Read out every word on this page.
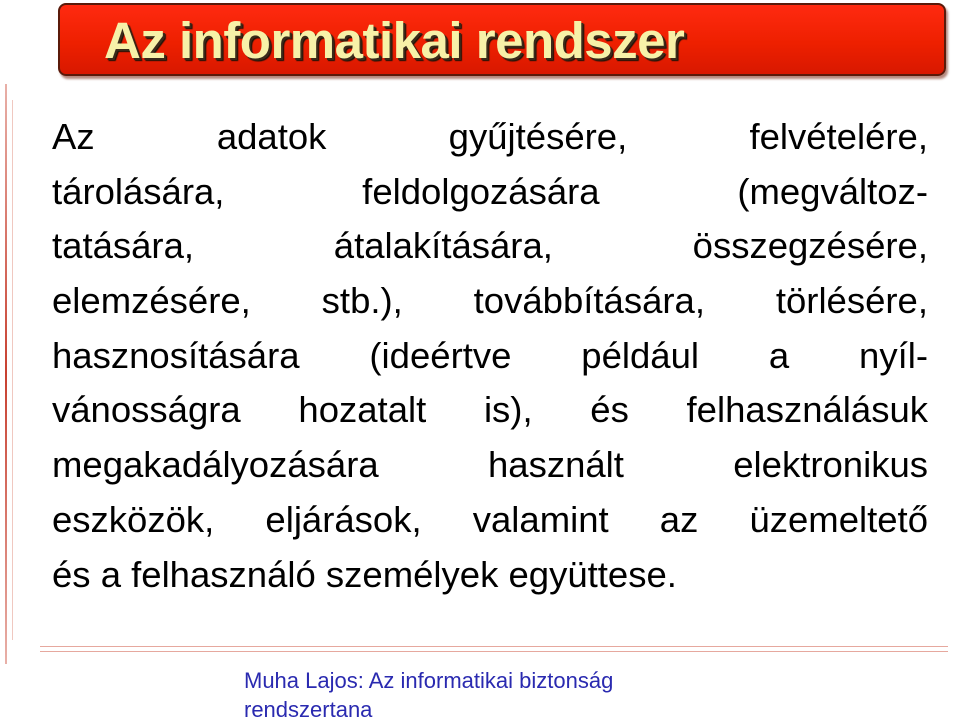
Az informatikai rendszer
Az adatok gyűjtésére, felvételére,
tárolására, feldolgozására (megváltoz-
tatására, átalakítására, összegzésére,
elemzésére, stb.), továbbítására, törlésére,
hasznosítására (ideértve például a nyíl-
vánosságra hozatalt is), és felhasználásuk
megakadályozására használt elektronikus
eszközök, eljárások, valamint az üzemeltető
és a felhasználó személyek együttese.
Muha Lajos: Az informatikai biztonság
rendszertana
